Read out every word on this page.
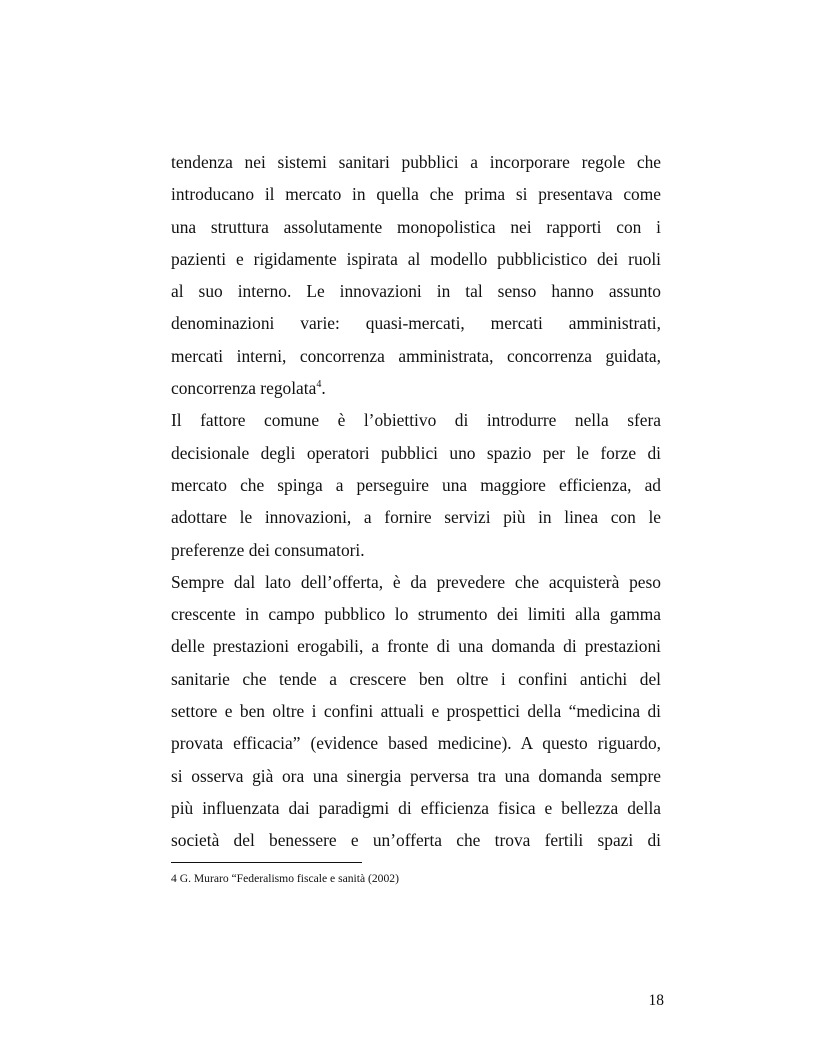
tendenza nei sistemi sanitari pubblici a incorporare regole che
introducano il mercato in quella che prima si presentava come
una struttura assolutamente monopolistica nei rapporti con i
pazienti e rigidamente ispirata al modello pubblicistico dei ruoli
al suo interno. Le innovazioni in tal senso hanno assunto
denominazioni varie: quasi-mercati, mercati amministrati,
mercati interni, concorrenza amministrata, concorrenza guidata,
concorrenza regolata$^4$.
Il fattore comune è l’obiettivo di introdurre nella sfera
decisionale degli operatori pubblici uno spazio per le forze di
mercato che spinga a perseguire una maggiore efficienza, ad
adottare le innovazioni, a fornire servizi più in linea con le
preferenze dei consumatori.
Sempre dal lato dell’offerta, è da prevedere che acquisterà peso
crescente in campo pubblico lo strumento dei limiti alla gamma
delle prestazioni erogabili, a fronte di una domanda di prestazioni
sanitarie che tende a crescere ben oltre i confini antichi del
settore e ben oltre i confini attuali e prospettici della “medicina di
provata efficacia” (evidence based medicine). A questo riguardo,
si osserva già ora una sinergia perversa tra una domanda sempre
più influenzata dai paradigmi di efficienza fisica e bellezza della
società del benessere e un’offerta che trova fertili spazi di
4 G. Muraro “Federalismo fiscale e sanità (2002)
18
